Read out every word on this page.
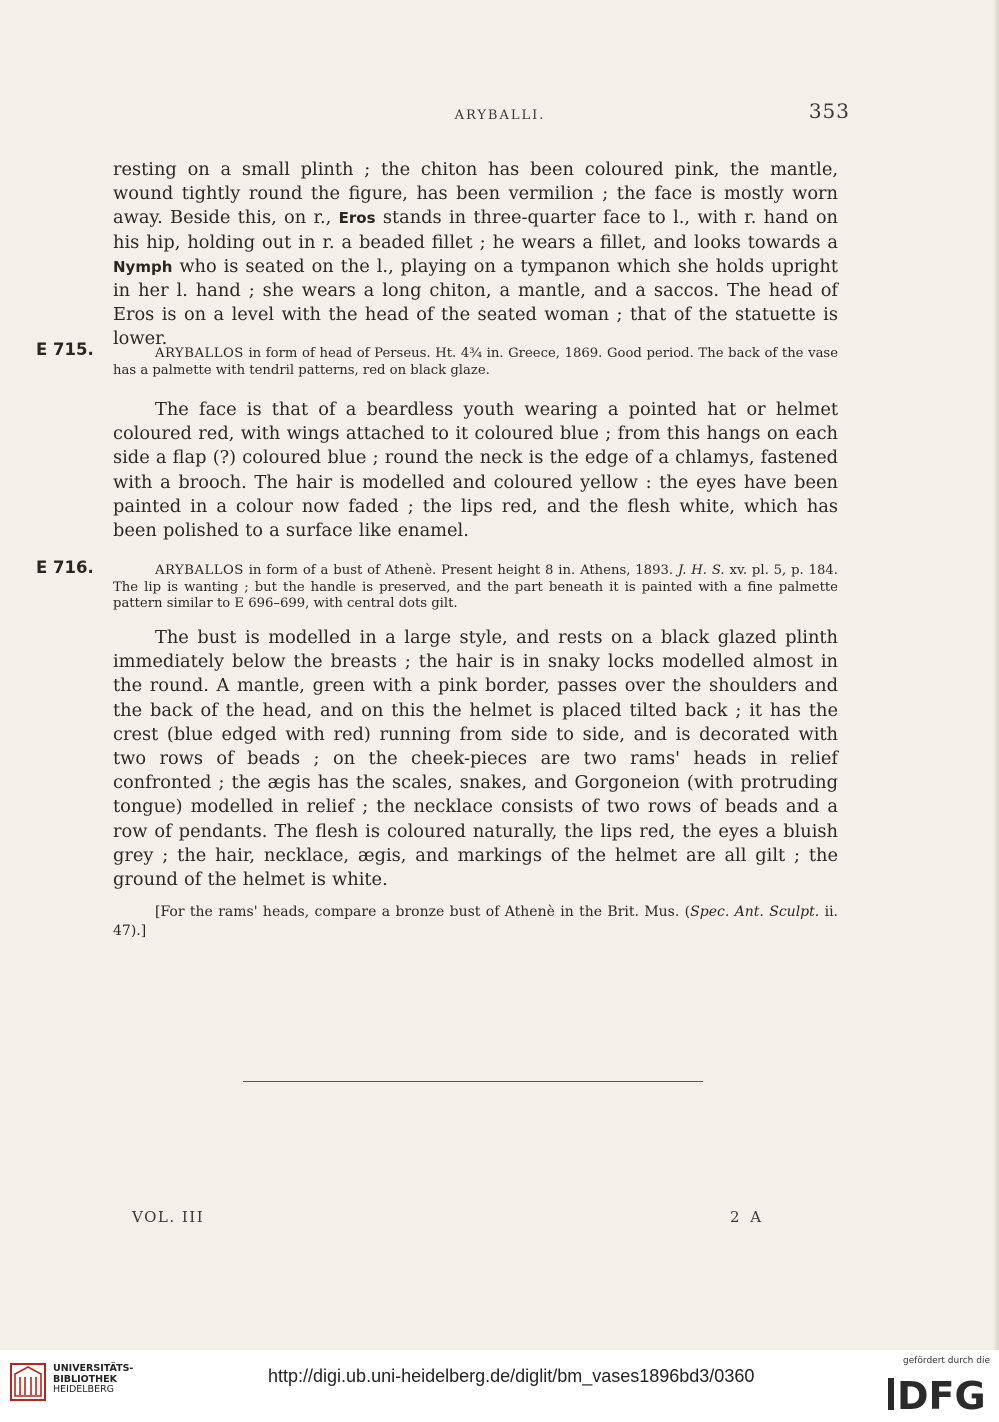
ARYBALLI.	353

resting on a small plinth ; the chiton has been coloured pink, the mantle, wound tightly round the figure, has been vermilion ; the face is mostly worn away. Beside this, on r., Eros stands in three-quarter face to l., with r. hand on his hip, holding out in r. a beaded fillet ; he wears a fillet, and looks towards a Nymph who is seated on the l., playing on a tympanon which she holds upright in her l. hand ; she wears a long chiton, a mantle, and a saccos. The head of Eros is on a level with the head of the seated woman ; that of the statuette is lower.

E 715.	ARYBALLOS in form of head of Perseus. Ht. 4¾ in. Greece, 1869. Good period. The back of the vase has a palmette with tendril patterns, red on black glaze.

The face is that of a beardless youth wearing a pointed hat or helmet coloured red, with wings attached to it coloured blue ; from this hangs on each side a flap (?) coloured blue ; round the neck is the edge of a chlamys, fastened with a brooch. The hair is modelled and coloured yellow : the eyes have been painted in a colour now faded ; the lips red, and the flesh white, which has been polished to a surface like enamel.

E 716.	ARYBALLOS in form of a bust of Athenè. Present height 8 in. Athens, 1893. J. H. S. xv. pl. 5, p. 184. The lip is wanting ; but the handle is preserved, and the part beneath it is painted with a fine palmette pattern similar to E 696–699, with central dots gilt.

The bust is modelled in a large style, and rests on a black glazed plinth immediately below the breasts ; the hair is in snaky locks modelled almost in the round. A mantle, green with a pink border, passes over the shoulders and the back of the head, and on this the helmet is placed tilted back ; it has the crest (blue edged with red) running from side to side, and is decorated with two rows of beads ; on the cheek-pieces are two rams' heads in relief confronted ; the ægis has the scales, snakes, and Gorgoneion (with protruding tongue) modelled in relief ; the necklace consists of two rows of beads and a row of pendants. The flesh is coloured naturally, the lips red, the eyes a bluish grey ; the hair, necklace, ægis, and markings of the helmet are all gilt ; the ground of the helmet is white.

[For the rams' heads, compare a bronze bust of Athenè in the Brit. Mus. (Spec. Ant. Sculpt. ii. 47).]

VOL. III	2 A
UNIVERSITÄTS-
BIBLIOTHEK
HEIDELBERG
http://digi.ub.uni-heidelberg.de/diglit/bm_vases1896bd3/0360
gefördert durch die
DFG
